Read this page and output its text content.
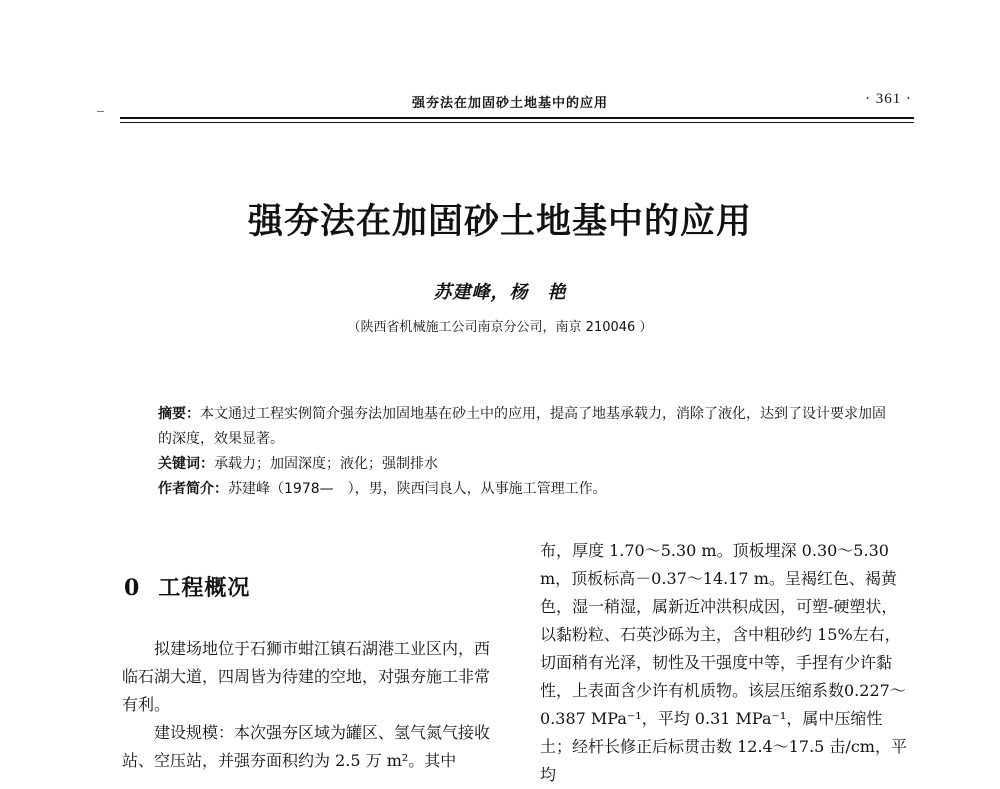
强夯法在加固砂土地基中的应用	· 361 ·
强夯法在加固砂土地基中的应用
苏建峰，杨　艳
（陕西省机械施工公司南京分公司，南京 210046 ）

摘要：本文通过工程实例简介强夯法加固地基在砂土中的应用，提高了地基承载力，消除了液化，达到了设计要求加固的深度，效果显著。

关键词：承载力；加固深度；液化；强制排水

作者简介：苏建峰（1978—　），男，陕西闫良人，从事施工管理工作。

0 工程概况

拟建场地位于石狮市蚶江镇石湖港工业区内，西临石湖大道，四周皆为待建的空地，对强夯施工非常有利。

建设规模：本次强夯区域为罐区、氢气氮气接收站、空压站，并强夯面积约为 2.5 万 m²。其中

布，厚度 1.70～5.30 m。顶板埋深 0.30～5.30 m，顶板标高－0.37～14.17 m。呈褐红色、褐黄色，湿一稍湿，属新近冲洪积成因，可塑-硬塑状，以黏粉粒、石英沙砾为主，含中粗砂约 15%左右，切面稍有光泽，韧性及干强度中等，手捏有少许黏性，上表面含少许有机质物。该层压缩系数0.227～0.387 MPa⁻¹，平均 0.31 MPa⁻¹，属中压缩性土；经杆长修正后标贯击数 12.4～17.5 击/cm，平均
